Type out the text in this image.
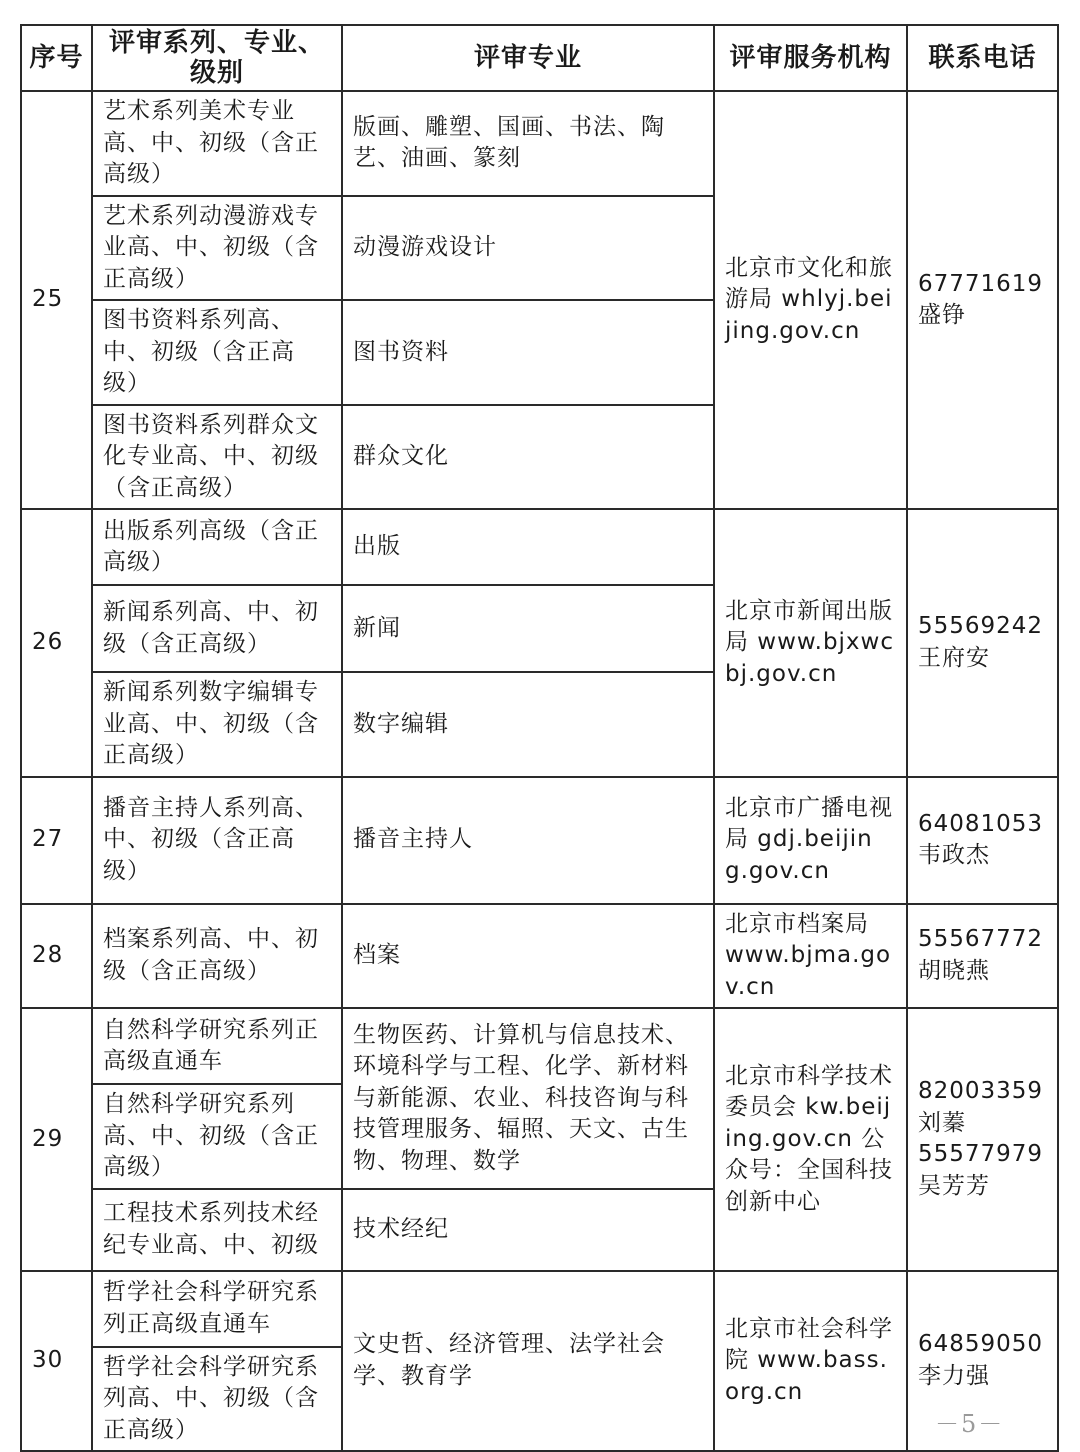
序号	评审系列、专业、级别	评审专业	评审服务机构	联系电话
25	艺术系列美术专业高、中、初级（含正高级）	版画、雕塑、国画、书法、陶艺、油画、篆刻	北京市文化和旅游局 whlyj.beijing.gov.cn	67771619
盛铮

	艺术系列动漫游戏专业高、中、初级（含正高级）	动漫游戏设计		
	图书资料系列高、中、初级（含正高级）	图书资料		
	图书资料系列群众文化专业高、中、初级（含正高级）	群众文化		
26	出版系列高级（含正高级）	出版	北京市新闻出版局 www.bjxwcbj.gov.cn	55569242
王府安

	新闻系列高、中、初级（含正高级）	新闻		
	新闻系列数字编辑专业高、中、初级（含正高级）	数字编辑		
27	播音主持人系列高、中、初级（含正高级）	播音主持人	北京市广播电视局 gdj.beijing.gov.cn	64081053
韦政杰

28	档案系列高、中、初级（含正高级）	档案	北京市档案局 www.bjma.gov.cn	55567772
胡晓燕

29	自然科学研究系列正高级直通车	生物医药、计算机与信息技术、环境科学与工程、化学、新材料与新能源、农业、科技咨询与科技管理服务、辐照、天文、古生物、物理、数学	北京市科学技术委员会 kw.beijing.gov.cn 公众号：全国科技创新中心	82003359
刘蓁
55577979
吴芳芳

	自然科学研究系列高、中、初级（含正高级）			
	工程技术系列技术经纪专业高、中、初级	技术经纪		
30	哲学社会科学研究系列正高级直通车	文史哲、经济管理、法学社会学、教育学	北京市社会科学院 www.bass.org.cn	64859050
李力强

	哲学社会科学研究系列高、中、初级（含正高级）				－5－
